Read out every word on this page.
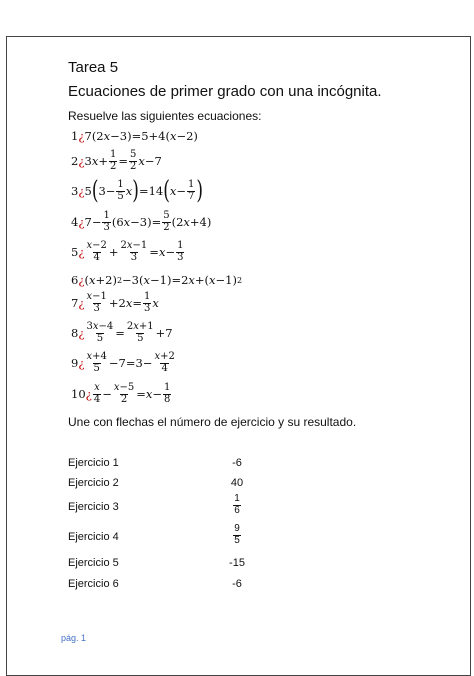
Tarea 5
Ecuaciones de primer grado con una incógnita.
Resuelve las siguientes ecuaciones:
1 ¿ 7(2 x −3)=5+4( x −2)
2 ¿ 3 $x + \frac{1}{2} = \frac{5}{2}$ x −7
3 ¿ 5 ( $3- \frac{1}{5}$ x ) =14 ( $x - \frac{1}{7}$ )
4 ¿ $7- \frac{1}{3} (6$ $x -3)= \frac{5}{2} (2$ x +4)
5 ¿ $\frac{x-2}{4} + \frac{2x-1}{3} = x - \frac{1}{3}$
6 ¿ ( x +2) 2 −3( x −1)=2 x +( x −1) 2
7 ¿ $\frac{x-1}{3} +2$ $x = \frac{1}{3}$ x
8 ¿ $\frac{3x-4}{5} = \frac{2x+1}{5} +7$
9 ¿ $\frac{x+4}{5} -7=3- \frac{x+2}{4}$
10 ¿ $\frac{x}{4} - \frac{x-5}{2} = x - \frac{1}{8}$
Une con flechas el número de ejercicio y su resultado.
Ejercicio 1	-6
Ejercicio 2	40
Ejercicio 3	$\frac{1}{6}$
Ejercicio 4	$\frac{9}{5}$
Ejercicio 5	-15
Ejercicio 6	-6
pág. 1
